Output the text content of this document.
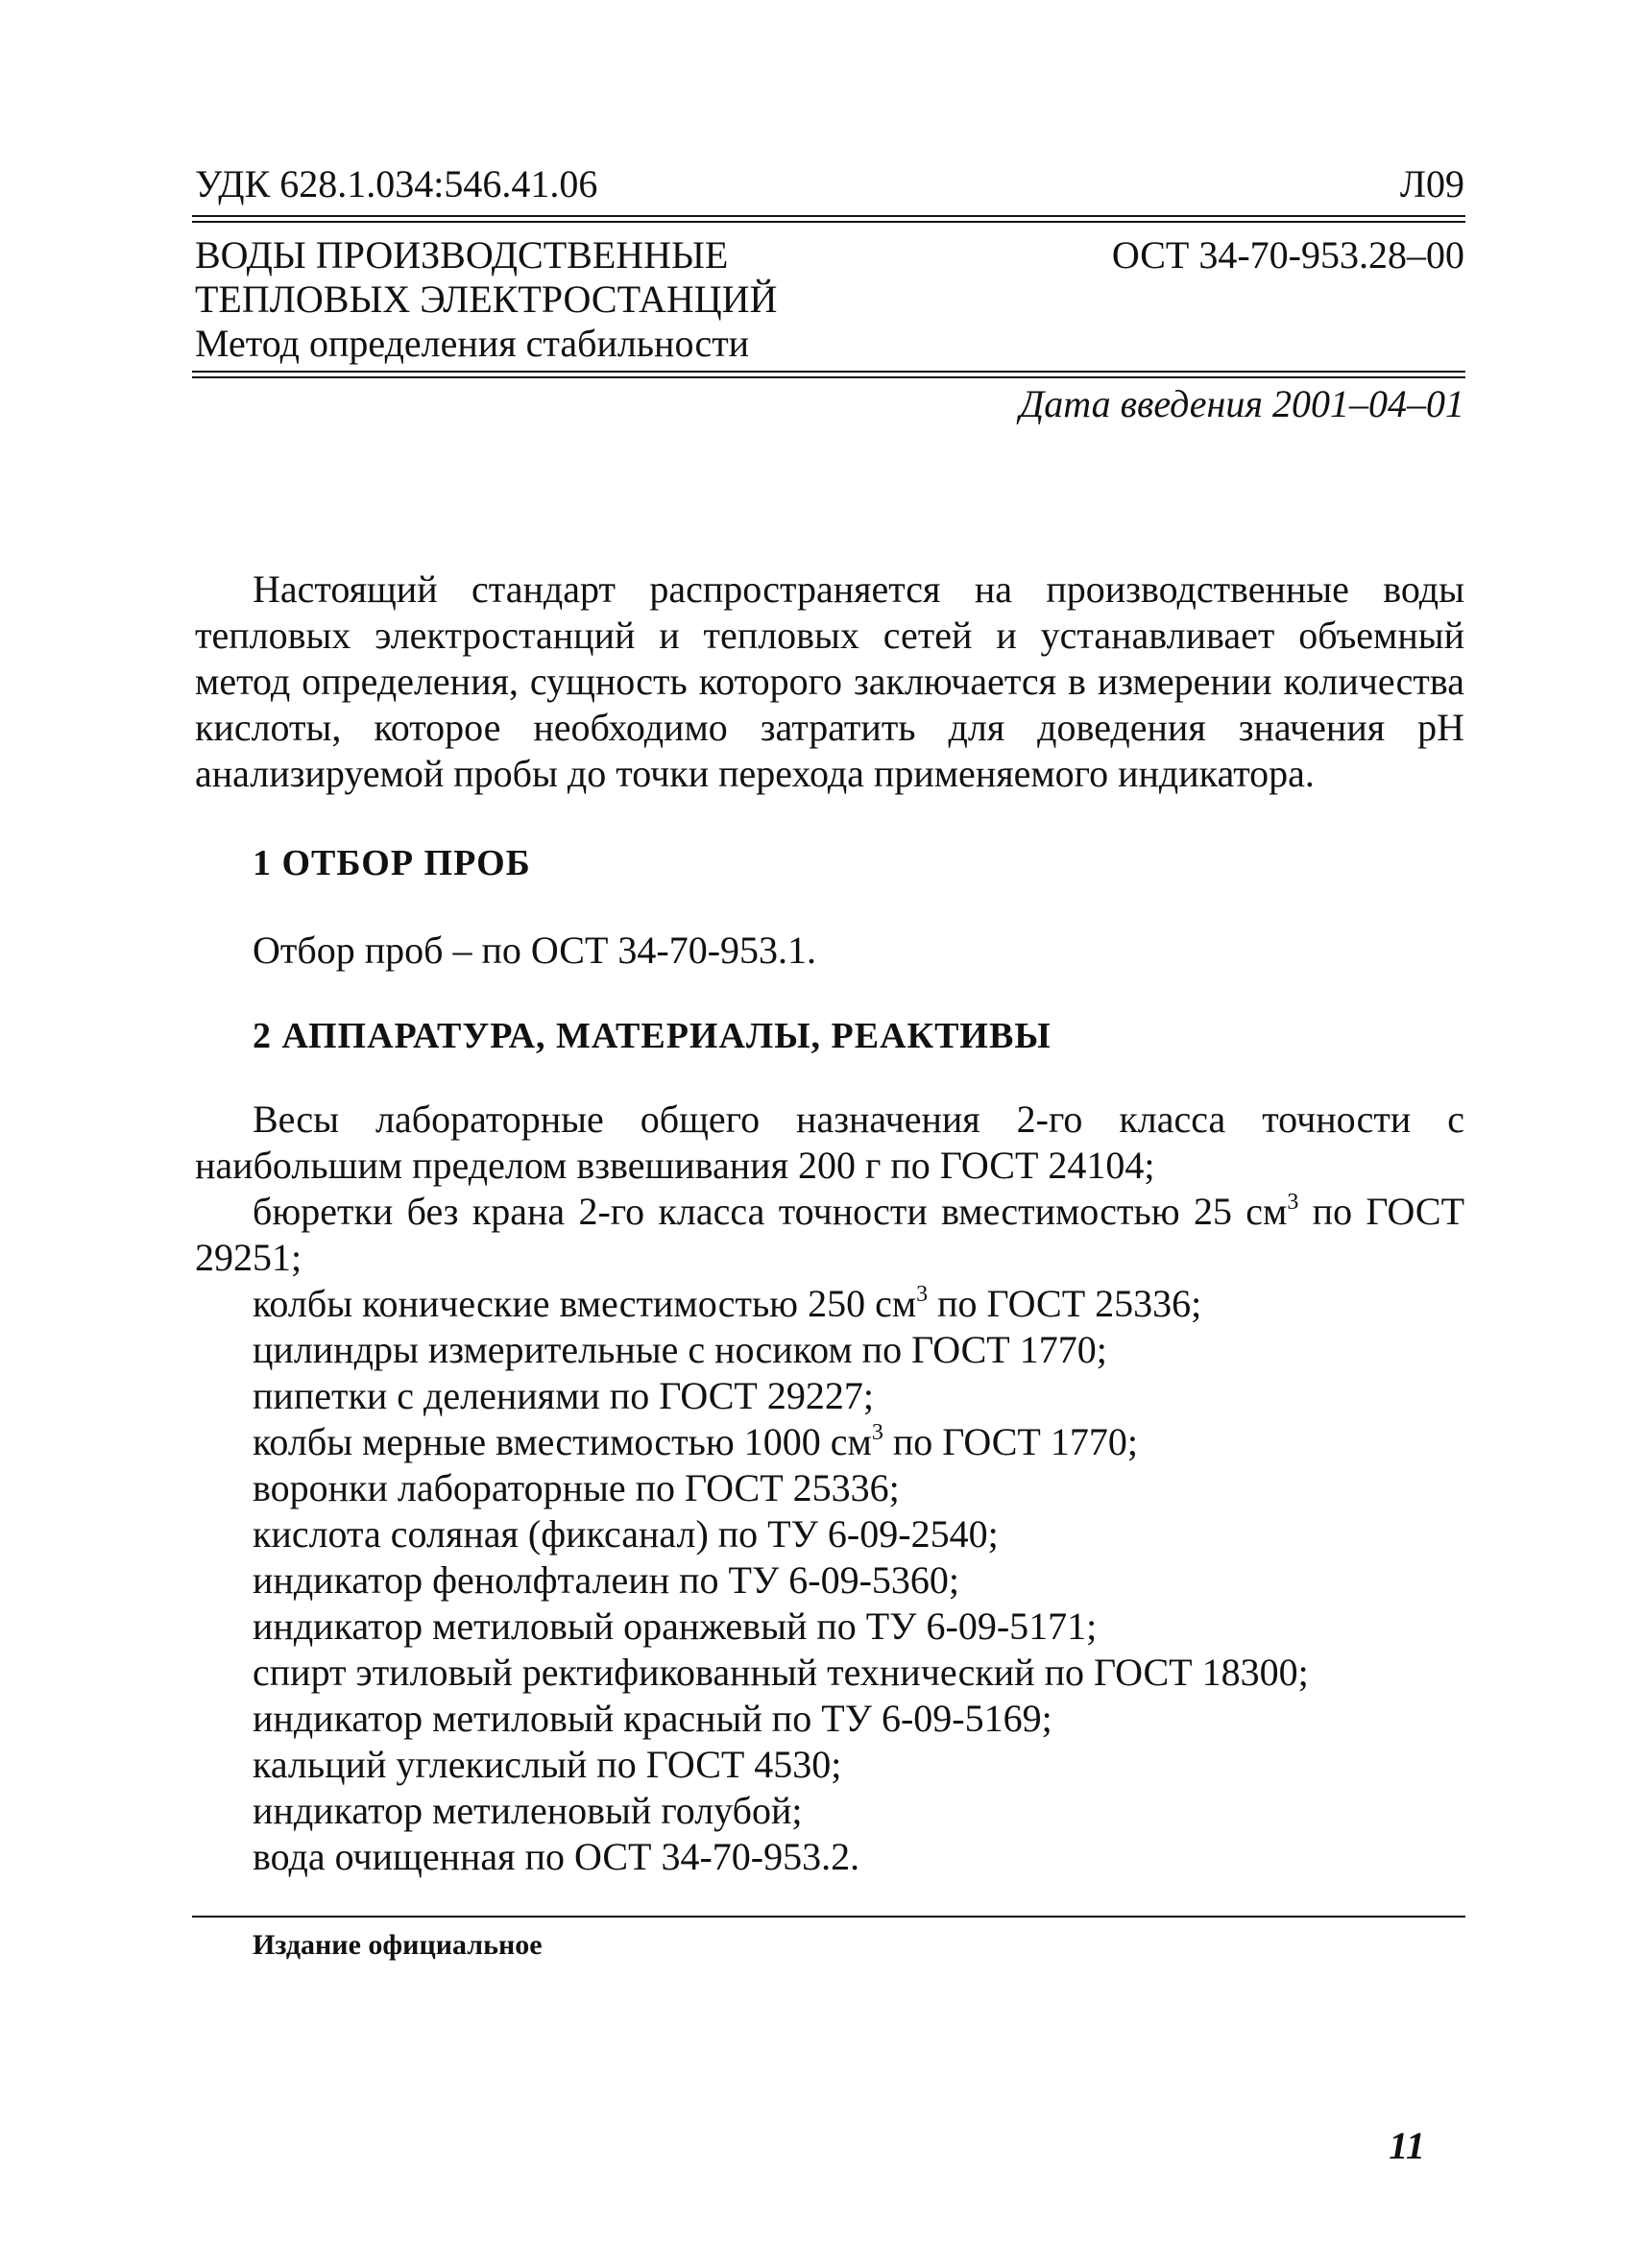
УДК 628.1.034:546.41.06	Л09
ВОДЫ ПРОИЗВОДСТВЕННЫЕ
ТЕПЛОВЫХ ЭЛЕКТРОСТАНЦИЙ
Метод определения стабильности
ОСТ 34-70-953.28–00
Дата введения 2001–04–01

Настоящий стандарт распространяется на производственные воды тепловых электростанций и тепловых сетей и устанавливает объемный метод определения, сущность которого заключается в измерении количества кислоты, которое необходимо затратить для доведения значения pH анализируемой пробы до точки перехода применяемого индикатора.

1 ОТБОР ПРОБ
Отбор проб – по ОСТ 34-70-953.1.
2 АППАРАТУРА, МАТЕРИАЛЫ, РЕАКТИВЫ
Весы лабораторные общего назначения 2-го класса точности с наибольшим пределом взвешивания 200 г по ГОСТ 24104;
бюретки без крана 2-го класса точности вместимостью 25 $см^3$ по ГОСТ 29251;
колбы конические вместимостью 250 $см^3$ по ГОСТ 25336;
цилиндры измерительные с носиком по ГОСТ 1770;
пипетки с делениями по ГОСТ 29227;
колбы мерные вместимостью 1000 $см^3$ по ГОСТ 1770;
воронки лабораторные по ГОСТ 25336;
кислота соляная (фиксанал) по ТУ 6-09-2540;
индикатор фенолфталеин по ТУ 6-09-5360;
индикатор метиловый оранжевый по ТУ 6-09-5171;
спирт этиловый ректификованный технический по ГОСТ 18300;
индикатор метиловый красный по ТУ 6-09-5169;
кальций углекислый по ГОСТ 4530;
индикатор метиленовый голубой;
вода очищенная по ОСТ 34-70-953.2.
Издание официальное
11
